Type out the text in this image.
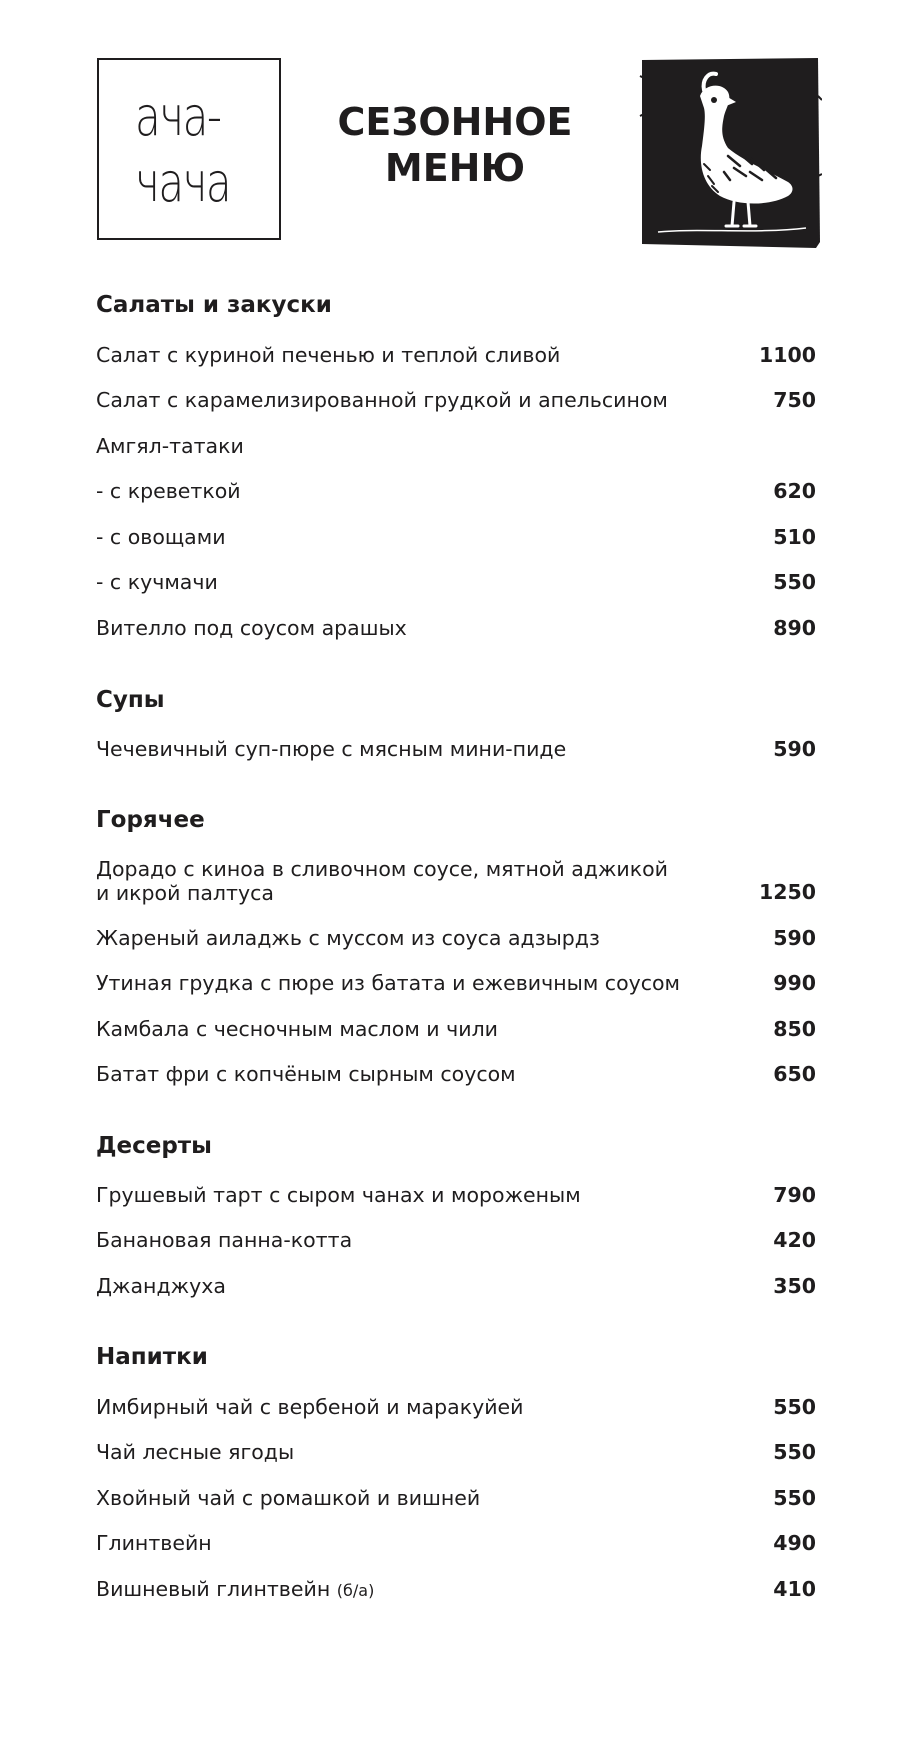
ача-
чача
СЕЗОННОЕ
МЕНЮ
Салаты и закуски
Салат с куриной печенью и теплой сливой	1100
Салат с карамелизированной грудкой и апельсином	750
Амгял-татаки
- с креветкой	620
- с овощами	510
- с кучмачи	550
Вителло под соусом арашых	890
Супы
Чечевичный суп-пюре с мясным мини-пиде	590
Горячее
Дорадо с киноа в сливочном соусе, мятной аджикой
и икрой палтуса	1250
Жареный аиладжь с муссом из соуса адзырдз	590
Утиная грудка с пюре из батата и ежевичным соусом	990
Камбала с чесночным маслом и чили	850
Батат фри с копчёным сырным соусом	650
Десерты
Грушевый тарт с сыром чанах и мороженым	790
Банановая панна-котта	420
Джанджуха	350
Напитки
Имбирный чай с вербеной и маракуйей	550
Чай лесные ягоды	550
Хвойный чай с ромашкой и вишней	550
Глинтвейн	490
Вишневый глинтвейн (б/а)	410
